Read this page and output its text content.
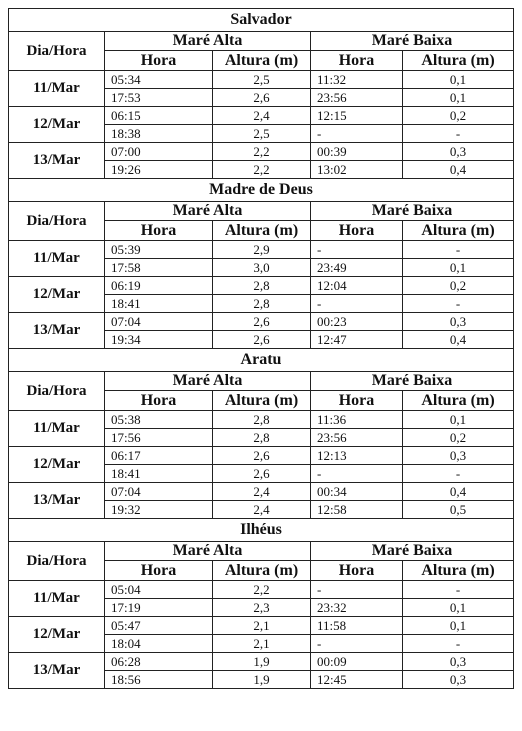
Salvador				
Dia/Hora	Maré Alta		Maré Baixa	
	Hora	Altura (m)	Hora	Altura (m)
11/Mar	05:34	2,5	11:32	0,1
	17:53	2,6	23:56	0,1
12/Mar	06:15	2,4	12:15	0,2
	18:38	2,5	-	-
13/Mar	07:00	2,2	00:39	0,3
	19:26	2,2	13:02	0,4
Madre de Deus				
Dia/Hora	Maré Alta		Maré Baixa	
	Hora	Altura (m)	Hora	Altura (m)
11/Mar	05:39	2,9	-	-
	17:58	3,0	23:49	0,1
12/Mar	06:19	2,8	12:04	0,2
	18:41	2,8	-	-
13/Mar	07:04	2,6	00:23	0,3
	19:34	2,6	12:47	0,4
Aratu				
Dia/Hora	Maré Alta		Maré Baixa	
	Hora	Altura (m)	Hora	Altura (m)
11/Mar	05:38	2,8	11:36	0,1
	17:56	2,8	23:56	0,2
12/Mar	06:17	2,6	12:13	0,3
	18:41	2,6	-	-
13/Mar	07:04	2,4	00:34	0,4
	19:32	2,4	12:58	0,5
Ilhéus				
Dia/Hora	Maré Alta		Maré Baixa	
	Hora	Altura (m)	Hora	Altura (m)
11/Mar	05:04	2,2	-	-
	17:19	2,3	23:32	0,1
12/Mar	05:47	2,1	11:58	0,1
	18:04	2,1	-	-
13/Mar	06:28	1,9	00:09	0,3
	18:56	1,9	12:45	0,3
